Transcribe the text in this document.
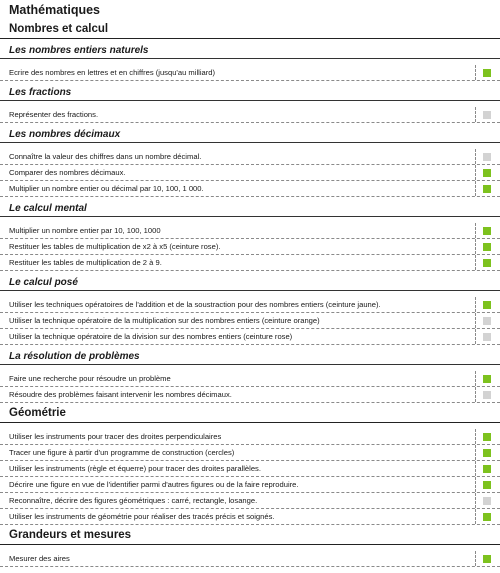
Mathématiques
Nombres et calcul
Les nombres entiers naturels
Ecrire des nombres en lettres et en chiffres (jusqu'au milliard)
Les fractions
Représenter des fractions.
Les nombres décimaux
Connaître la valeur des chiffres dans un nombre décimal.
Comparer des nombres décimaux.
Multiplier un nombre entier ou décimal par 10, 100, 1 000.
Le calcul mental
Multiplier un nombre entier par 10, 100, 1000
Restituer les tables de multiplication de x2 à x5 (ceinture rose).
Restituer les tables de multiplication de 2 à 9.
Le calcul posé
Utiliser les techniques opératoires de l'addition et de la soustraction pour des nombres entiers (ceinture jaune).
Utiliser la technique opératoire de la multiplication sur des nombres entiers (ceinture orange)
Utiliser la technique opératoire de la division sur des nombres entiers (ceinture rose)
La résolution de problèmes
Faire une recherche pour résoudre un problème
Résoudre des problèmes faisant intervenir les nombres décimaux.
Géométrie
Utiliser les instruments pour tracer des droites perpendiculaires
Tracer une figure à partir d'un programme de construction (cercles)
Utiliser les instruments (règle et équerre) pour tracer des droites parallèles.
Décrire une figure en vue de l'identifier parmi d'autres figures ou de la faire reproduire.
Reconnaître, décrire des figures géométriques : carré, rectangle, losange.
Utiliser les instruments de géométrie pour réaliser des tracés précis et soignés.
Grandeurs et mesures
Mesurer des aires
